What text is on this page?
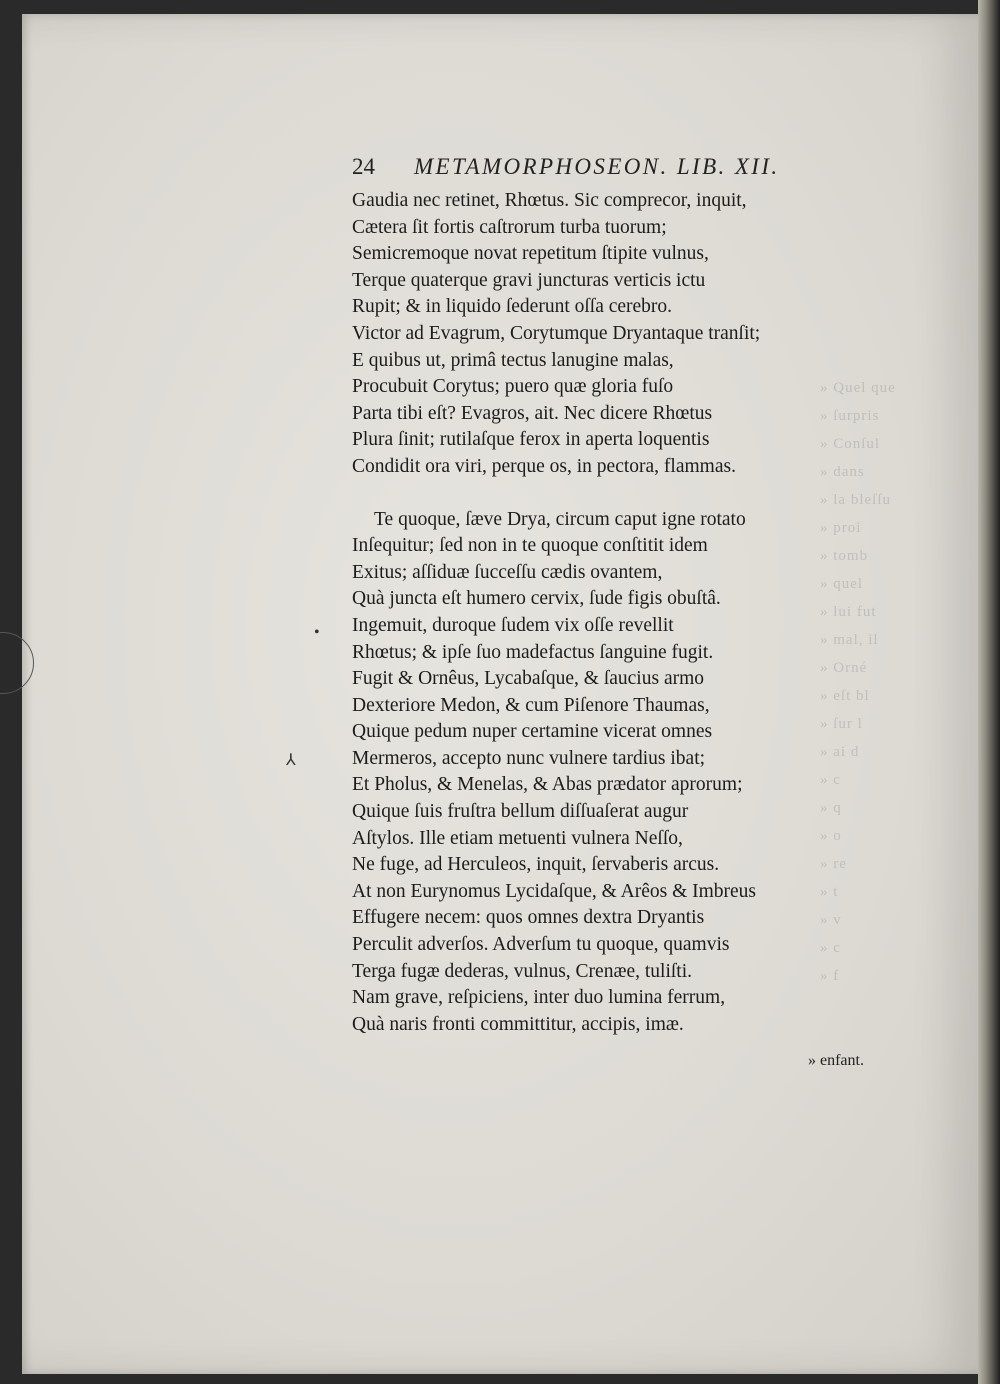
» Quel que
» ſurpris
» Conſul
» dans
» la bleſſu
» proi
» tomb
» quel
» lui fut
» mal, il
» Orné
» eſt bl
» ſur l
» ai d
» c
» q
» o
» re
» t
» v
» c
» f
24 METAMORPHOSEON. LIB. XII.
Gaudia nec retinet, Rhœtus. Sic comprecor, inquit,
Cætera ſit fortis caſtrorum turba tuorum;
Semicremoque novat repetitum ſtipite vulnus,
Terque quaterque gravi juncturas verticis ictu
Rupit; & in liquido ſederunt oſſa cerebro.
Victor ad Evagrum, Corytumque Dryantaque tranſit;
E quibus ut, primâ tectus lanugine malas,
Procubuit Corytus; puero quæ gloria fuſo
Parta tibi eſt? Evagros, ait. Nec dicere Rhœtus
Plura ſinit; rutilaſque ferox in aperta loquentis
Condidit ora viri, perque os, in pectora, flammas.
Te quoque, ſæve Drya, circum caput igne rotato
Inſequitur; ſed non in te quoque conſtitit idem
Exitus; aſſiduæ ſucceſſu cædis ovantem,
Quà juncta eſt humero cervix, ſude figis obuſtâ.
Ingemuit, duroque ſudem vix oſſe revellit
Rhœtus; & ipſe ſuo madefactus ſanguine fugit.
Fugit & Ornêus, Lycabaſque, & ſaucius armo
Dexteriore Medon, & cum Piſenore Thaumas,
Quique pedum nuper certamine vicerat omnes
Mermeros, accepto nunc vulnere tardius ibat;
Et Pholus, & Menelas, & Abas prædator aprorum;
Quique ſuis fruſtra bellum diſſuaſerat augur
Aſtylos. Ille etiam metuenti vulnera Neſſo,
Ne fuge, ad Herculeos, inquit, ſervaberis arcus.
At non Eurynomus Lycidaſque, & Arêos & Imbreus
Effugere necem: quos omnes dextra Dryantis
Perculit adverſos. Adverſum tu quoque, quamvis
Terga fugæ dederas, vulnus, Crenæe, tuliſti.
Nam grave, reſpiciens, inter duo lumina ferrum,
Quà naris fronti committitur, accipis, imæ.
» enfant.
•
⅄
